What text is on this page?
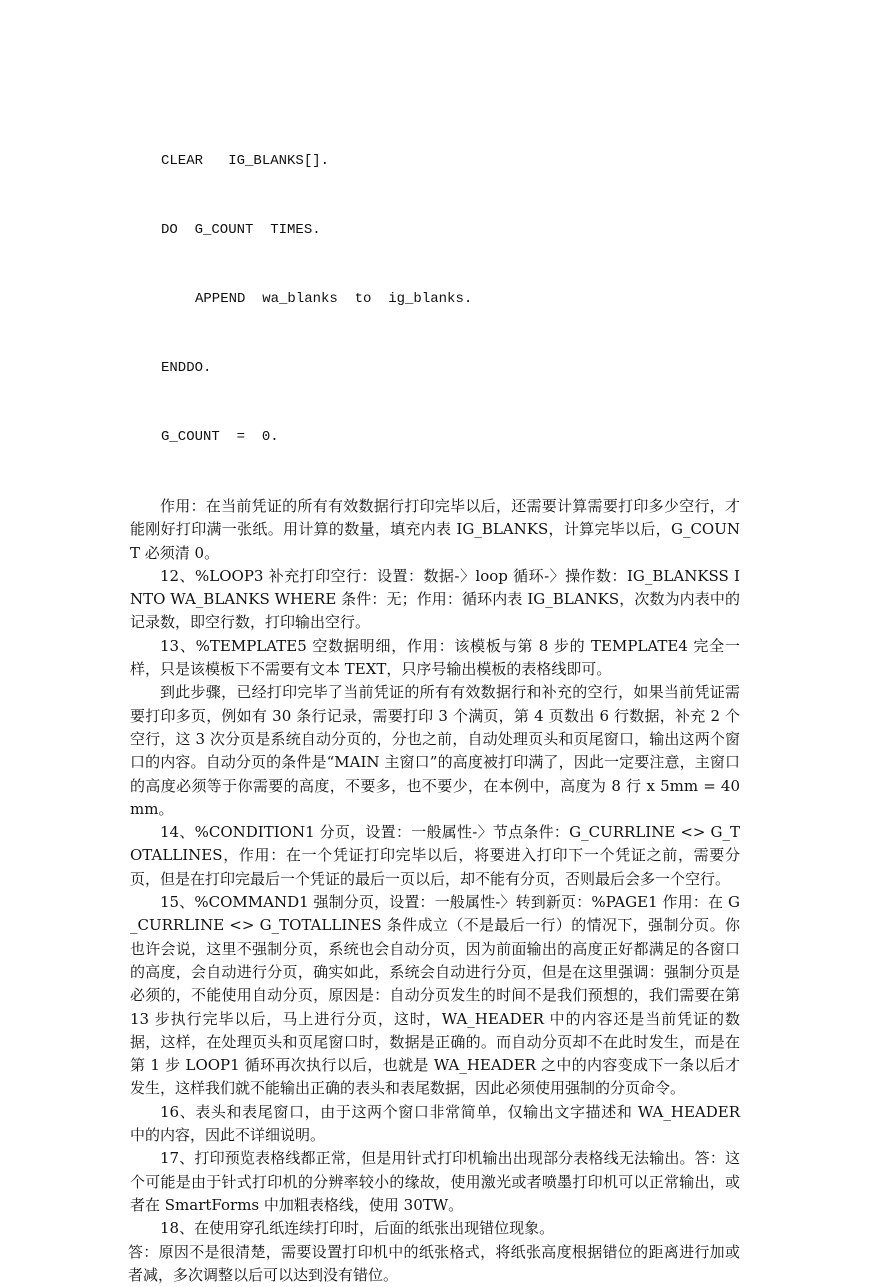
CLEAR   IG_BLANKS[].

DO  G_COUNT  TIMES.

APPEND  wa_blanks  to  ig_blanks.

ENDDO.

G_COUNT  =  0.

作用：在当前凭证的所有有效数据行打印完毕以后，还需要计算需要打印多少空行，才能刚好打印满一张纸。用计算的数量，填充内表 IG_BLANKS，计算完毕以后，G_COUNT 必须清 0。

12、%LOOP3 补充打印空行：设置：数据-〉loop 循环-〉操作数：IG_BLANKSS INTO WA_BLANKS WHERE 条件：无；作用：循环内表 IG_BLANKS，次数为内表中的记录数，即空行数，打印输出空行。

13、%TEMPLATE5 空数据明细，作用：该模板与第 8 步的 TEMPLATE4 完全一样，只是该模板下不需要有文本 TEXT，只序号输出模板的表格线即可。

到此步骤，已经打印完毕了当前凭证的所有有效数据行和补充的空行，如果当前凭证需要打印多页，例如有 30 条行记录，需要打印 3 个满页，第 4 页数出 6 行数据，补充 2 个空行，这 3 次分页是系统自动分页的，分也之前，自动处理页头和页尾窗口，输出这两个窗口的内容。自动分页的条件是“MAIN 主窗口”的高度被打印满了，因此一定要注意，主窗口的高度必须等于你需要的高度，不要多，也不要少，在本例中，高度为 8 行 x 5mm = 40mm。

14、%CONDITION1 分页，设置：一般属性-〉节点条件：G_CURRLINE <> G_TOTALLINES，作用：在一个凭证打印完毕以后，将要进入打印下一个凭证之前，需要分页，但是在打印完最后一个凭证的最后一页以后，却不能有分页，否则最后会多一个空行。

15、%COMMAND1 强制分页，设置：一般属性-〉转到新页：%PAGE1 作用：在 G_CURRLINE <> G_TOTALLINES 条件成立（不是最后一行）的情况下，强制分页。你也许会说，这里不强制分页，系统也会自动分页，因为前面输出的高度正好都满足的各窗口的高度，会自动进行分页，确实如此，系统会自动进行分页，但是在这里强调：强制分页是必须的，不能使用自动分页，原因是：自动分页发生的时间不是我们预想的，我们需要在第 13 步执行完毕以后，马上进行分页，这时，WA_HEADER 中的内容还是当前凭证的数据，这样，在处理页头和页尾窗口时，数据是正确的。而自动分页却不在此时发生，而是在第 1 步 LOOP1 循环再次执行以后，也就是 WA_HEADER 之中的内容变成下一条以后才发生，这样我们就不能输出正确的表头和表尾数据，因此必须使用强制的分页命令。

16、表头和表尾窗口，由于这两个窗口非常简单，仅输出文字描述和 WA_HEADER 中的内容，因此不详细说明。

17、打印预览表格线都正常，但是用针式打印机输出出现部分表格线无法输出。答：这个可能是由于针式打印机的分辨率较小的缘故，使用激光或者喷墨打印机可以正常输出，或者在 SmartForms 中加粗表格线，使用 30TW。

18、在使用穿孔纸连续打印时，后面的纸张出现错位现象。

答：原因不是很清楚，需要设置打印机中的纸张格式，将纸张高度根据错位的距离进行加或者减，多次调整以后可以达到没有错位。
